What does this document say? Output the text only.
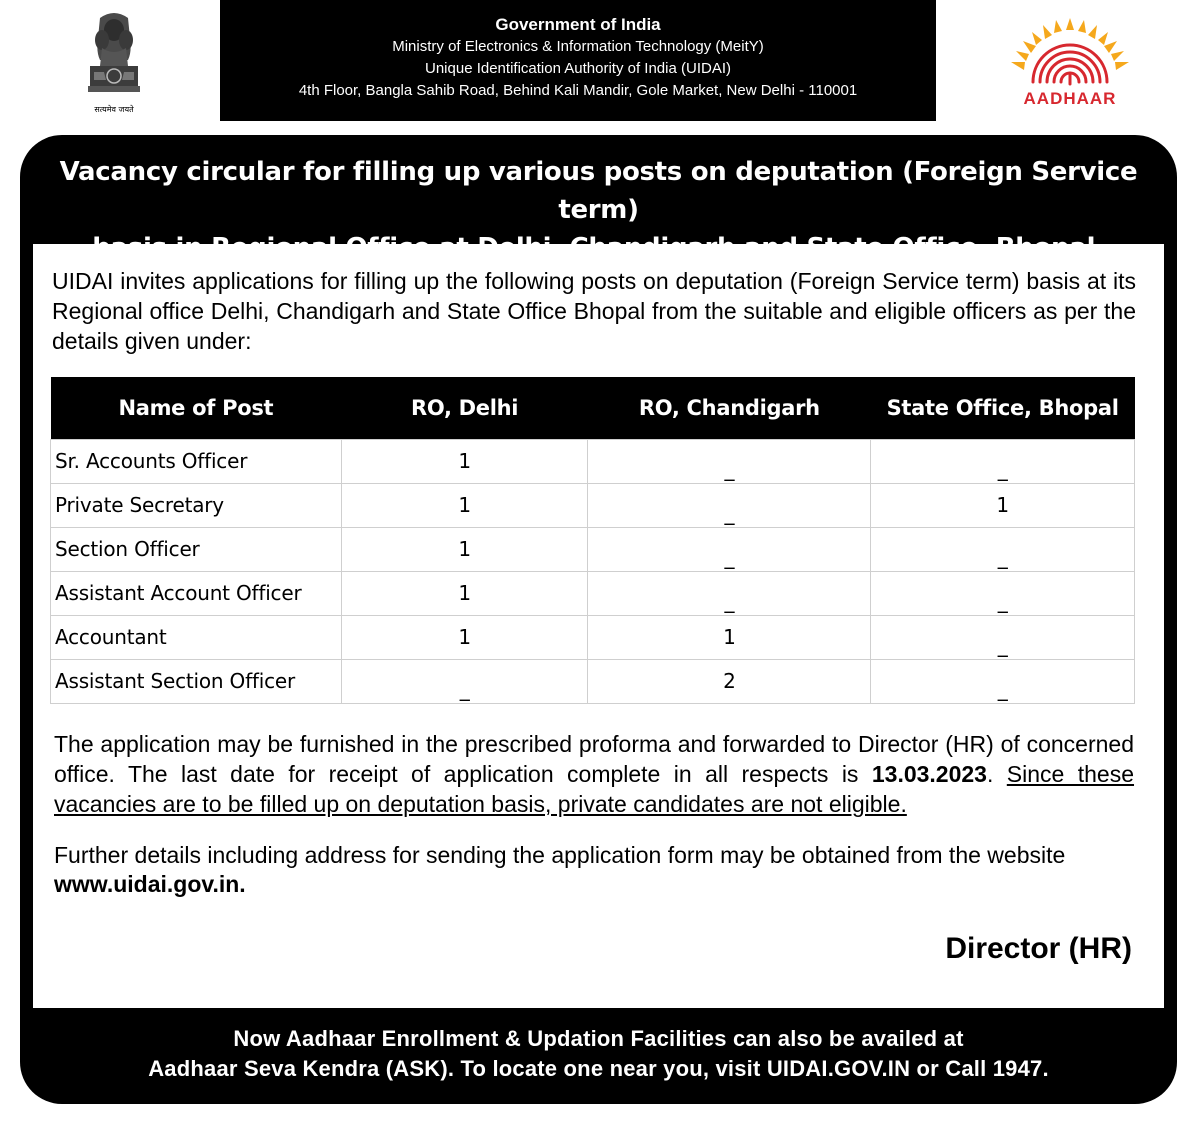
सत्यमेव जयते
Government of India
Ministry of Electronics & Information Technology (MeitY)
Unique Identification Authority of India (UIDAI)
4th Floor, Bangla Sahib Road, Behind Kali Mandir, Gole Market, New Delhi - 110001	AADHAAR
Vacancy circular for filling up various posts on deputation (Foreign Service term)

UIDAI invites applications for filling up the following posts on deputation (Foreign Service term) basis at its Regional office Delhi, Chandigarh and State Office Bhopal from the suitable and eligible officers as per the details given under:

Name of Post	RO, Delhi	RO, Chandigarh	State Office, Bhopal
Sr. Accounts Officer	1	_	_
Private Secretary	1	_	1
Section Officer	1	_	_
Assistant Account Officer	1	_	_
Accountant	1	1	_
Assistant Section Officer	_	2	_

The application may be furnished in the prescribed proforma and forwarded to Director (HR) of concerned office. The last date for receipt of application complete in all respects is 13.03.2023. Since these vacancies are to be filled up on deputation basis, private candidates are not eligible.

Further details including address for sending the application form may be obtained from the website www.uidai.gov.in.

Director (HR)
Now Aadhaar Enrollment & Updation Facilities can also be availed at
Aadhaar Seva Kendra (ASK). To locate one near you, visit UIDAI.GOV.IN or Call 1947.
